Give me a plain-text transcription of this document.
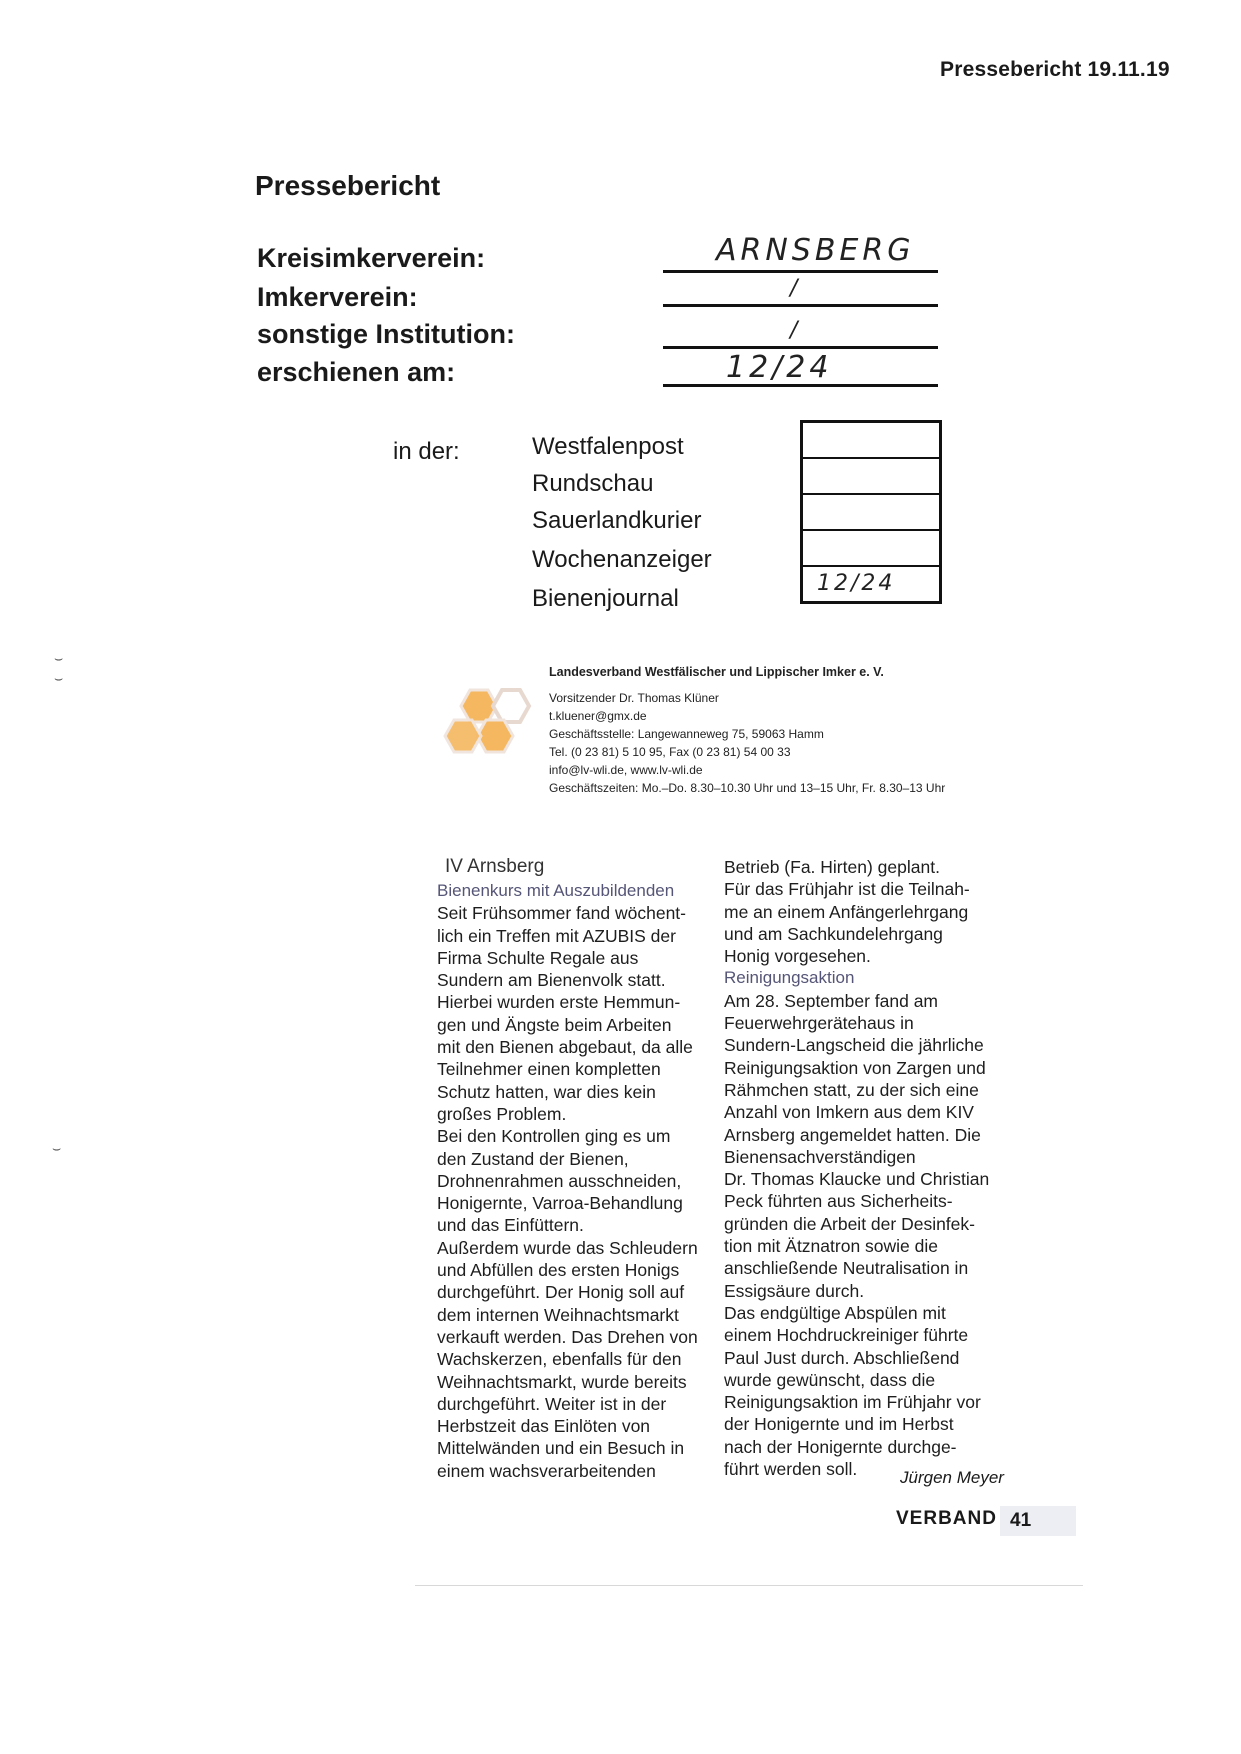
Pressebericht 19.11.19
Pressebericht
Kreisimkerverein:
Imkerverein:
sonstige Institution:
erschienen am:
ARNSBERG
/
/
12/24
in der:	Westfalenpost
Rundschau
Sauerlandkurier
Wochenanzeiger
Bienenjournal
12/24
Landesverband Westfälischer und Lippischer Imker e. V.
Vorsitzender Dr. Thomas Klüner
t.kluener@gmx.de
Geschäftsstelle: Langewanneweg 75, 59063 Hamm
Tel. (0 23 81) 5 10 95, Fax (0 23 81) 54 00 33
info@lv-wli.de, www.lv-wli.de
Geschäftszeiten: Mo.–Do. 8.30–10.30 Uhr und 13–15 Uhr, Fr. 8.30–13 Uhr
IV Arnsberg
Bienenkurs mit Auszubildenden
Seit Frühsommer fand wöchent-
lich ein Treffen mit AZUBIS der
Firma Schulte Regale aus
Sundern am Bienenvolk statt.
Hierbei wurden erste Hemmun-
gen und Ängste beim Arbeiten
mit den Bienen abgebaut, da alle
Teilnehmer einen kompletten
Schutz hatten, war dies kein
großes Problem.
Bei den Kontrollen ging es um
den Zustand der Bienen,
Drohnenrahmen ausschneiden,
Honigernte, Varroa-Behandlung
und das Einfüttern.
Außerdem wurde das Schleudern
und Abfüllen des ersten Honigs
durchgeführt. Der Honig soll auf
dem internen Weihnachtsmarkt
verkauft werden. Das Drehen von
Wachskerzen, ebenfalls für den
Weihnachtsmarkt, wurde bereits
durchgeführt. Weiter ist in der
Herbstzeit das Einlöten von
Mittelwänden und ein Besuch in
einem wachsverarbeitenden
Betrieb (Fa. Hirten) geplant.
Für das Frühjahr ist die Teilnah-
me an einem Anfängerlehrgang
und am Sachkundelehrgang
Honig vorgesehen.
Reinigungsaktion
Am 28. September fand am
Feuerwehrgerätehaus in
Sundern-Langscheid die jährliche
Reinigungsaktion von Zargen und
Rähmchen statt, zu der sich eine
Anzahl von Imkern aus dem KIV
Arnsberg angemeldet hatten. Die
Bienensachverständigen
Dr. Thomas Klaucke und Christian
Peck führten aus Sicherheits-
gründen die Arbeit der Desinfek-
tion mit Ätznatron sowie die
anschließende Neutralisation in
Essigsäure durch.
Das endgültige Abspülen mit
einem Hochdruckreiniger führte
Paul Just durch. Abschließend
wurde gewünscht, dass die
Reinigungsaktion im Frühjahr vor
der Honigernte und im Herbst
nach der Honigernte durchge-
führt werden soll.	Jürgen Meyer
VERBAND 41
⌣
⌣
⌣
